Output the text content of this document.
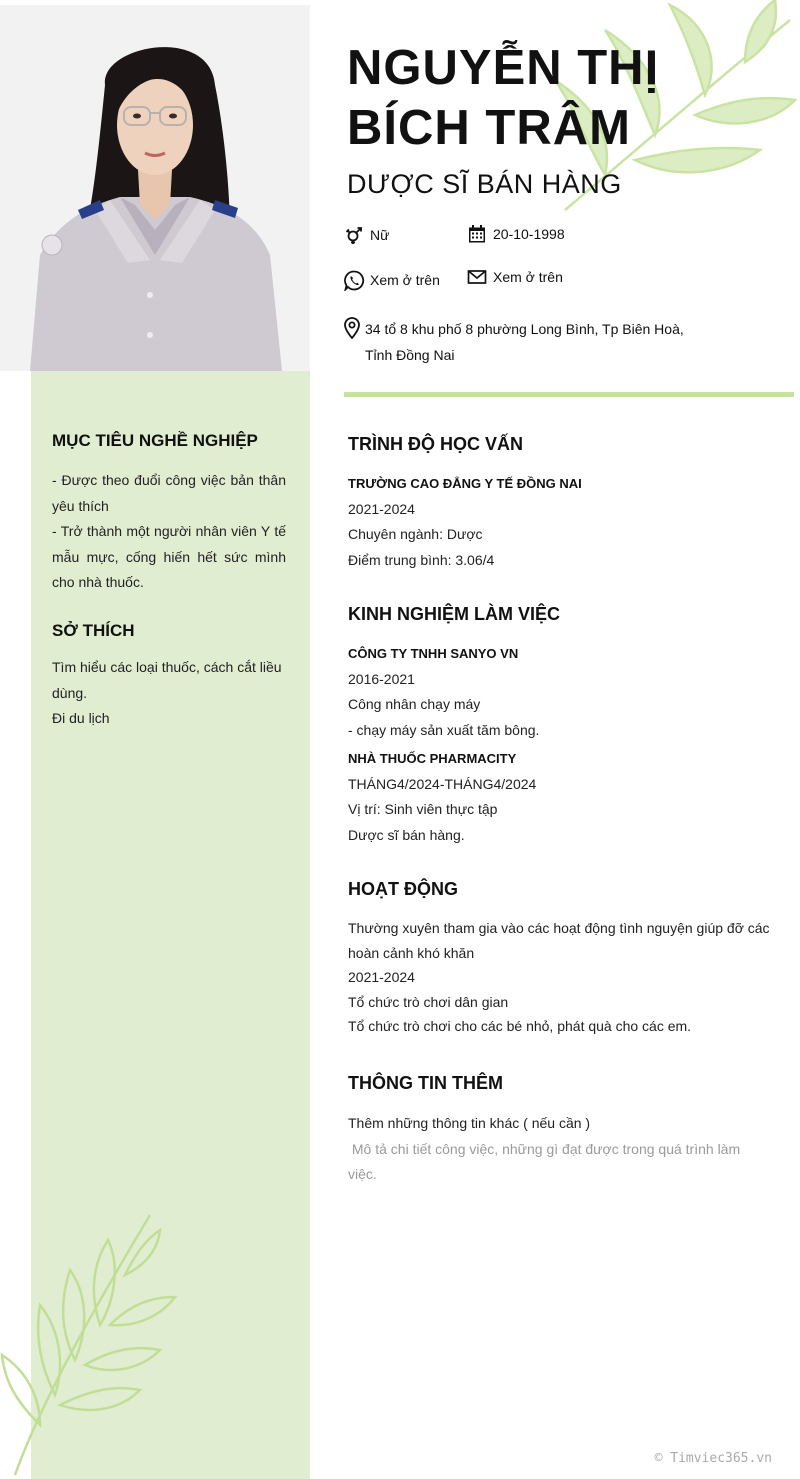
NGUYỄN THỊ
BÍCH TRÂM
DƯỢC SĨ BÁN HÀNG
Nữ	20-10-1998
Xem ở trên	Xem ở trên
34 tổ 8 khu phố 8 phường Long Bình, Tp Biên Hoà,
Tỉnh Đồng Nai
MỤC TIÊU NGHỀ NGHIỆP
- Được theo đuổi công việc bản thân yêu thích
- Trở thành một người nhân viên Y tế mẫu mực, cống hiến hết sức mình cho nhà thuốc.
SỞ THÍCH
Tìm hiểu các loại thuốc, cách cắt liều dùng.
Đi du lịch
TRÌNH ĐỘ HỌC VẤN
TRƯỜNG CAO ĐẲNG Y TẾ ĐỒNG NAI
2021-2024
Chuyên ngành: Dược
Điểm trung bình: 3.06/4
KINH NGHIỆM LÀM VIỆC
CÔNG TY TNHH SANYO VN
2016-2021
Công nhân chạy máy
- chạy máy sản xuất tăm bông.
NHÀ THUỐC PHARMACITY
THÁNG4/2024-THÁNG4/2024
Vị trí: Sinh viên thực tập
Dược sĩ bán hàng.
HOẠT ĐỘNG
Thường xuyên tham gia vào các hoạt động tình nguyện giúp đỡ các hoàn cảnh khó khăn
2021-2024
Tổ chức trò chơi dân gian
Tổ chức trò chơi cho các bé nhỏ, phát quà cho các em.
THÔNG TIN THÊM
Thêm những thông tin khác ( nếu cần )
Mô tả chi tiết công việc, những gì đạt được trong quá trình làm việc.
© Timviec365.vn
